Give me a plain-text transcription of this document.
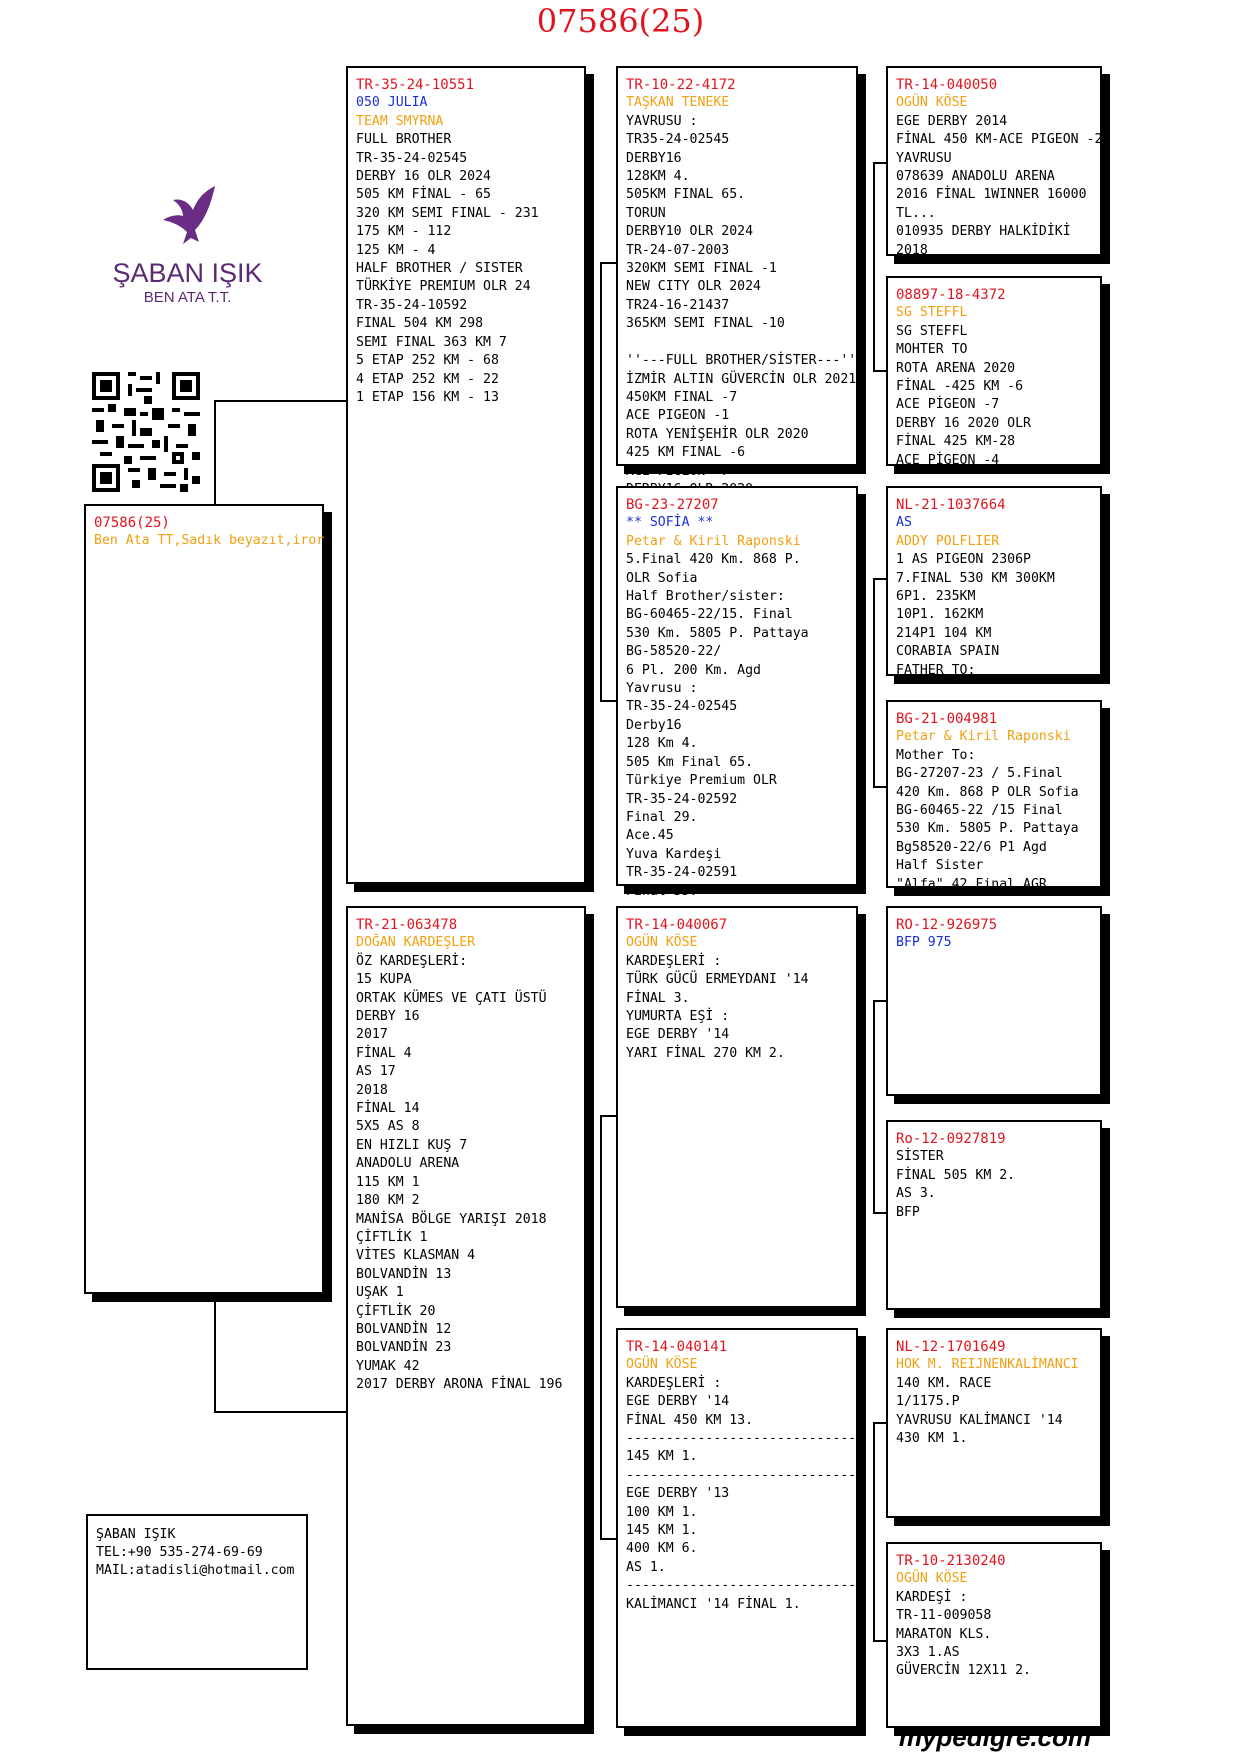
07586(25)
ŞABAN IŞIK
BEN ATA T.T.
07586(25)
Ben Ata TT,Sadık beyazıt,iror
TR-35-24-10551
050 JULIA
TEAM SMYRNA
FULL BROTHER
TR-35-24-02545
DERBY 16 OLR 2024
505 KM FİNAL - 65
320 KM SEMI FINAL - 231
175 KM - 112
125 KM - 4
HALF BROTHER / SISTER
TÜRKİYE PREMIUM OLR 24
TR-35-24-10592
FINAL 504 KM 298
SEMI FINAL 363 KM 7
5 ETAP 252 KM - 68
4 ETAP 252 KM - 22
1 ETAP 156 KM - 13
TR-21-063478
DOĞAN KARDEŞLER
ÖZ KARDEŞLERİ:
15 KUPA
ORTAK KÜMES VE ÇATI ÜSTÜ
DERBY 16
2017
FİNAL 4
AS 17
2018
FİNAL 14
5X5 AS 8
EN HIZLI KUŞ 7
ANADOLU ARENA
115 KM 1
180 KM 2
MANİSA BÖLGE YARIŞI 2018
ÇİFTLİK 1
VİTES KLASMAN 4
BOLVANDİN 13
UŞAK 1
ÇİFTLİK 20
BOLVANDİN 12
BOLVANDİN 23
YUMAK 42
2017 DERBY ARONA FİNAL 196
TR-10-22-4172
TAŞKAN TENEKE
YAVRUSU :
TR35-24-02545
DERBY16
128KM 4.
505KM FINAL 65.
TORUN
DERBY10 OLR 2024
TR-24-07-2003
320KM SEMI FINAL -1
NEW CITY OLR 2024
TR24-16-21437
365KM SEMI FINAL -10

''---FULL BROTHER/SİSTER---''
İZMİR ALTIN GÜVERCİN OLR 2021
450KM FINAL -7
ACE PIGEON -1
ROTA YENİŞEHİR OLR 2020
425 KM FINAL -6
ACE PIGEON -7
BG-23-27207
** SOFİA **
Petar & Kiril Raponski
5.Final 420 Km. 868 P.
OLR Sofia
Half Brother/sister:
BG-60465-22/15. Final
530 Km. 5805 P. Pattaya
BG-58520-22/
6 Pl. 200 Km. Agd
Yavrusu :
TR-35-24-02545
Derby16
128 Km 4.
505 Km Final 65.
Türkiye Premium OLR
TR-35-24-02592
Final 29.
Ace.45
Yuva Kardeşi
TR-35-24-02591
Final 35.
TR-14-040067
OGÜN KÖSE
KARDEŞLERİ :
TÜRK GÜCÜ ERMEYDANI '14
FİNAL 3.
YUMURTA EŞİ :
EGE DERBY '14
YARI FİNAL 270 KM 2.
TR-14-040141
OGÜN KÖSE
KARDEŞLERİ :
EGE DERBY '14
FİNAL 450 KM 13.
------------------------------
145 KM 1.
------------------------------
EGE DERBY '13
100 KM 1.
145 KM 1.
400 KM 6.
AS 1.
-----------------------------
KALİMANCI '14 FİNAL 1.
TR-14-040050
OGÜN KÖSE
EGE DERBY 2014
FİNAL 450 KM-ACE PIGEON -2
YAVRUSU
078639 ANADOLU ARENA
2016 FİNAL 1WINNER 16000
TL...
010935 DERBY HALKİDİKİ
2018
08897-18-4372
SG STEFFL
SG STEFFL
MOHTER TO
ROTA ARENA 2020
FİNAL -425 KM -6
ACE PİGEON -7
DERBY 16 2020 OLR
FİNAL 425 KM-28
ACE PİGEON -4
NL-21-1037664
AS
ADDY POLFLIER
1 AS PIGEON 2306P
7.FINAL 530 KM 300KM
6P1. 235KM
10P1. 162KM
214P1 104 KM
CORABIA SPAIN
FATHER TO:
BG-21-004981
Petar & Kiril Raponski
Mother To:
BG-27207-23 / 5.Final
420 Km. 868 P OLR Sofia
BG-60465-22 /15 Final
530 Km. 5805 P. Pattaya
Bg58520-22/6 P1 Agd
Half Sister
"Alfa" 42 Final AGR
RO-12-926975
BFP 975
Ro-12-0927819
SİSTER
FİNAL 505 KM 2.
AS 3.
BFP
NL-12-1701649
HOK M. REIJNENKALİMANCI
140 KM. RACE
1/1175.P
YAVRUSU KALİMANCI '14
430 KM 1.
TR-10-2130240
OGÜN KÖSE
KARDEŞİ :
TR-11-009058
MARATON KLS.
3X3 1.AS
GÜVERCİN 12X11 2.
ŞABAN IŞIK
TEL:+90 535-274-69-69
MAIL:atadisli@hotmail.com
mypedigre.com
